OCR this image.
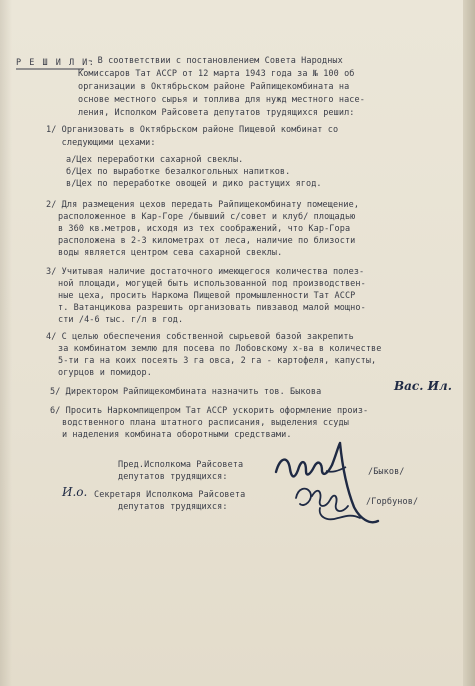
Р Е Ш И Л И:
- В соответствии с постановлением Совета Народных
Комиссаров Тат АССР от 12 марта 1943 года за № 100 об
организации в Октябрьском районе Райпищекомбината на
основе местного сырья и топлива для нужд местного насе-
ления, Исполком Райсовета депутатов трудящихся решил:
1/ Организовать в Октябрьском районе Пищевой комбинат со
следующими цехами:
а/Цех переработки сахарной свеклы.
б/Цех по выработке безалкогольных напитков.
в/Цех по переработке овощей и дико растущих ягод.
2/ Для размещения цехов передать Райпищекомбинату помещение,
расположенное в Кар-Горе /бывший с/совет и клуб/ площадью
в 360 кв.метров, исходя из тех соображений, что Кар-Гора
расположена в 2-3 километрах от леса, наличие по близости
воды является центром сева сахарной свеклы.
3/ Учитывая наличие достаточного имеющегося количества полез-
ной площади, могущей быть использованной под производствен-
ные цеха, просить Наркома Пищевой промышленности Тат АССР
т. Ватанцикова разрешить организовать пивзавод малой мощно-
сти /4-6 тыс. г/л в год.
4/ С целью обеспечения собственной сырьевой базой закрепить
за комбинатом землю для посева по Лобовскому х-ва в количестве
5-ти га на коих посеять 3 га овса, 2 га - картофеля, капусты,
огурцов и помидор.
5/ Директором Райпищекомбината назначить тов. Быкова	Вас. Ил.
6/ Просить Наркомпищепром Тат АССР ускорить оформление произ-
водственного плана штатного расписания, выделения ссуды
и наделения комбината оборотными средствами.
Пред.Исполкома Райсовета
депутатов трудящихся:	/Быков/
И.о. Секретаря Исполкома Райсовета
депутатов трудящихся:	/Горбунов/
